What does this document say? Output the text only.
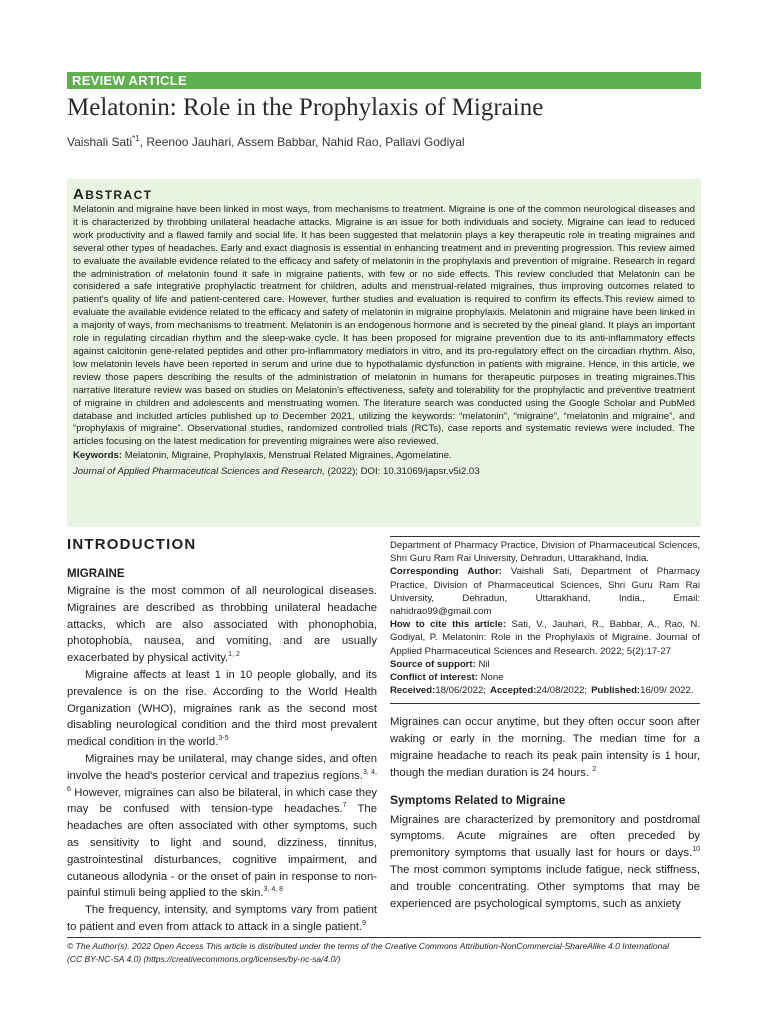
REVIEW ARTICLE
Melatonin: Role in the Prophylaxis of Migraine
Vaishali Sati$^{*1}$, Reenoo Jauhari, Assem Babbar, Nahid Rao, Pallavi Godiyal
ABSTRACT

Melatonin and migraine have been linked in most ways, from mechanisms to treatment. Migraine is one of the common neurological diseases and it is characterized by throbbing unilateral headache attacks. Migraine is an issue for both individuals and society. Migraine can lead to reduced work productivity and a flawed family and social life. It has been suggested that melatonin plays a key therapeutic role in treating migraines and several other types of headaches. Early and exact diagnosis is essential in enhancing treatment and in preventing progression. This review aimed to evaluate the available evidence related to the efficacy and safety of melatonin in the prophylaxis and prevention of migraine. Research in regard the administration of melatonin found it safe in migraine patients, with few or no side effects. This review concluded that Melatonin can be considered a safe integrative prophylactic treatment for children, adults and menstrual-related migraines, thus improving outcomes related to patient's quality of life and patient-centered care. However, further studies and evaluation is required to confirm its effects.This review aimed to evaluate the available evidence related to the efficacy and safety of melatonin in migraine prophylaxis. Melatonin and migraine have been linked in a majority of ways, from mechanisms to treatment. Melatonin is an endogenous hormone and is secreted by the pineal gland. It plays an important role in regulating circadian rhythm and the sleep-wake cycle. It has been proposed for migraine prevention due to its anti-inflammatory effects against calcitonin gene-related peptides and other pro-inflammatory mediators in vitro, and its pro-regulatory effect on the circadian rhythm. Also, low melatonin levels have been reported in serum and urine due to hypothalamic dysfunction in patients with migraine. Hence, in this article, we review those papers describing the results of the administration of melatonin in humans for therapeutic purposes in treating migraines.This narrative literature review was based on studies on Melatonin's effectiveness, safety and tolerability for the prophylactic and preventive treatment of migraine in children and adolescents and menstruating women. The literature search was conducted using the Google Scholar and PubMed database and included articles published up to December 2021, utilizing the keywords: “melatonin”, “migraine”, “melatonin and migraine”, and “prophylaxis of migraine”. Observational studies, randomized controlled trials (RCTs), case reports and systematic reviews were included. The articles focusing on the latest medication for preventing migraines were also reviewed.

Keywords: Melatonin, Migraine, Prophylaxis, Menstrual Related Migraines, Agomelatine.

Journal of Applied Pharmaceutical Sciences and Research, (2022); DOI: 10.31069/japsr.v5i2.03

INTRODUCTION
MIGRAINE

Migraine is the most common of all neurological diseases. Migraines are described as throbbing unilateral headache attacks, which are also associated with phonophobia, photophobia, nausea, and vomiting, and are usually exacerbated by physical activity.$^{1, 2}$

Migraine affects at least 1 in 10 people globally, and its prevalence is on the rise. According to the World Health Organization (WHO), migraines rank as the second most disabling neurological condition and the third most prevalent medical condition in the world.$^{3-5}$

Migraines may be unilateral, may change sides, and often involve the head's posterior cervical and trapezius regions.$^{3, 4, 6}$ However, migraines can also be bilateral, in which case they may be confused with tension-type headaches.$^7$ The headaches are often associated with other symptoms, such as sensitivity to light and sound, dizziness, tinnitus, gastrointestinal disturbances, cognitive impairment, and cutaneous allodynia - or the onset of pain in response to non-painful stimuli being applied to the skin.$^{3, 4, 8}$

The frequency, intensity, and symptoms vary from patient to patient and even from attack to attack in a single patient.$^9$

Department of Pharmacy Practice, Division of Pharmaceutical Sciences, Shri Guru Ram Rai University, Dehradun, Uttarakhand, India.

Corresponding Author: Vaishali Sati, Department of Pharmacy Practice, Division of Pharmaceutical Sciences, Shri Guru Ram Rai University, Dehradun, Uttarakhand, India., Email: nahidrao99@gmail.com

How to cite this article: Sati, V., Jauhari, R., Babbar, A., Rao, N. Godiyal, P. Melatonin: Role in the Prophylaxis of Migraine. Journal of Applied Pharmaceutical Sciences and Research. 2022; 5(2):17-27

Source of support: Nil

Conflict of interest: None

Received:18/06/2022; Accepted:24/08/2022; Published:16/09/ 2022.

Migraines can occur anytime, but they often occur soon after waking or early in the morning. The median time for a migraine headache to reach its peak pain intensity is 1 hour, though the median duration is 24 hours. $^2$

Symptoms Related to Migraine

Migraines are characterized by premonitory and postdromal symptoms. Acute migraines are often preceded by premonitory symptoms that usually last for hours or days.$^{10}$ The most common symptoms include fatigue, neck stiffness, and trouble concentrating. Other symptoms that may be experienced are psychological symptoms, such as anxiety

© The Author(s). 2022 Open Access This article is distributed under the terms of the Creative Commons Attribution-NonCommercial-ShareAlike 4.0 International
(CC BY-NC-SA 4.0) (https://creativecommons.org/licenses/by-nc-sa/4.0/)
